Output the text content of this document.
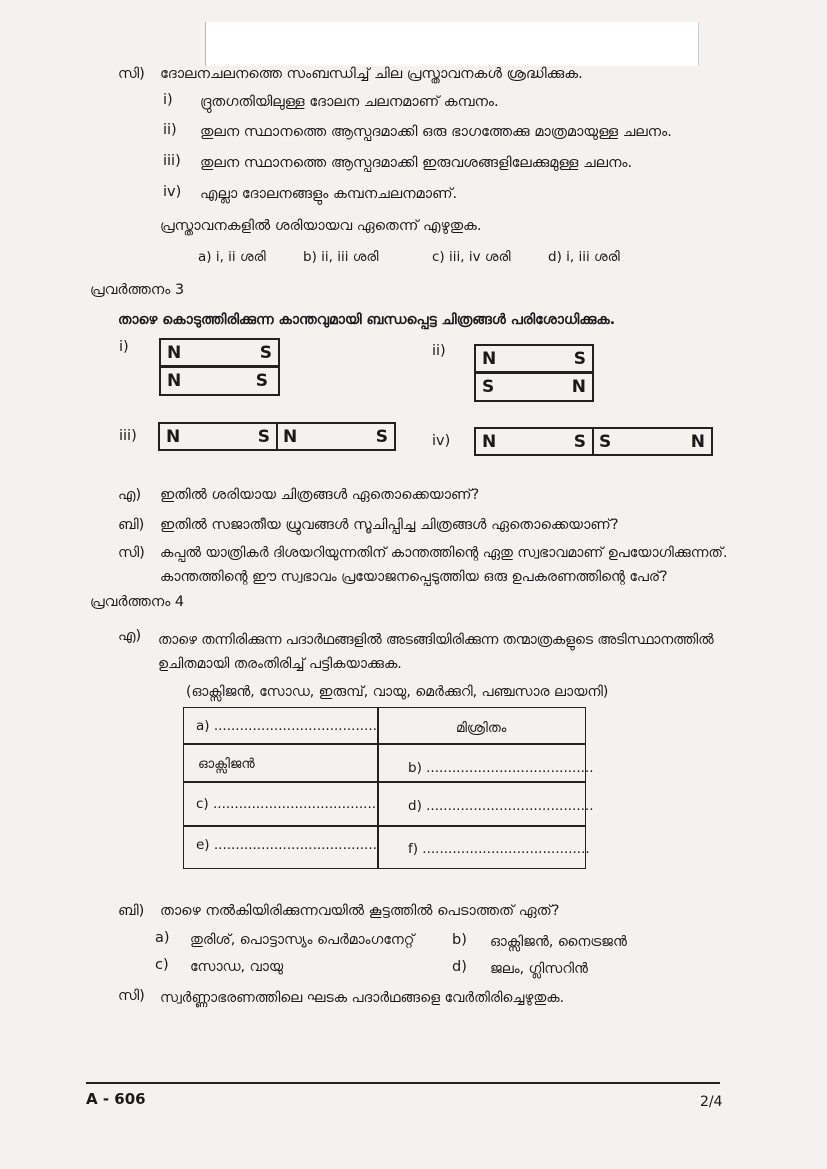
സി) ദോലനചലനത്തെ സംബന്ധിച്ച് ചില പ്രസ്താവനകൾ ശ്രദ്ധിക്കുക.
i) ദ്രുതഗതിയിലുള്ള ദോലന ചലനമാണ് കമ്പനം.
ii) തുലന സ്ഥാനത്തെ ആസ്പദമാക്കി ഒരു ഭാഗത്തേക്കു മാത്രമായുള്ള ചലനം.
iii) തുലന സ്ഥാനത്തെ ആസ്പദമാക്കി ഇരുവശങ്ങളിലേക്കുമുള്ള ചലനം.
iv) എല്ലാ ദോലനങ്ങളും കമ്പനചലനമാണ്.
പ്രസ്താവനകളിൽ ശരിയായവ ഏതെന്ന് എഴുതുക.
a) i, ii ശരി	b) ii, iii ശരി	c) iii, iv ശരി	d) i, iii ശരി
പ്രവർത്തനം 3
താഴെ കൊടുത്തിരിക്കുന്ന കാന്തവുമായി ബന്ധപ്പെട്ട ചിത്രങ്ങൾ പരിശോധിക്കുക.
i) N	S
N	S
ii) N	S
S	N
iii) N	S N	S	iv) N	S S	N
എ) ഇതിൽ ശരിയായ ചിത്രങ്ങൾ ഏതൊക്കെയാണ്?
ബി) ഇതിൽ സജാതീയ ധ്രുവങ്ങൾ സൂചിപ്പിച്ച ചിത്രങ്ങൾ ഏതൊക്കെയാണ്?
സി) കപ്പൽ യാത്രികർ ദിശയറിയുന്നതിന് കാന്തത്തിന്റെ ഏതു സ്വഭാവമാണ് ഉപയോഗിക്കുന്നത്.
കാന്തത്തിന്റെ ഈ സ്വഭാവം പ്രയോജനപ്പെടുത്തിയ ഒരു ഉപകരണത്തിന്റെ പേര്?
പ്രവർത്തനം 4
എ) താഴെ തന്നിരിക്കുന്ന പദാർഥങ്ങളിൽ അടങ്ങിയിരിക്കുന്ന തന്മാത്രകളുടെ അടിസ്ഥാനത്തിൽ
ഉചിതമായി തരംതിരിച്ച് പട്ടികയാക്കുക.
(ഓക്സിജൻ, സോഡ, ഇരുമ്പ്, വായു, മെർക്കുറി, പഞ്ചസാര ലായനി)
a) ......................................	മിശ്രിതം
ഓക്സിജൻ	b) .......................................
c) ...................................... d) .......................................
e) ...................................... f) .......................................
ബി) താഴെ നൽകിയിരിക്കുന്നവയിൽ കൂട്ടത്തിൽ പെടാത്തത് ഏത്?
a) തുരിശ്, പൊട്ടാസ്യം പെർമാംഗനേറ്റ്	b) ഓക്സിജൻ, നൈട്രജൻ
c) സോഡ, വായു	d) ജലം, ഗ്ലിസറിൻ
സി) സ്വർണ്ണാഭരണത്തിലെ ഘടക പദാർഥങ്ങളെ വേർതിരിച്ചെഴുതുക.
A - 606	2/4
